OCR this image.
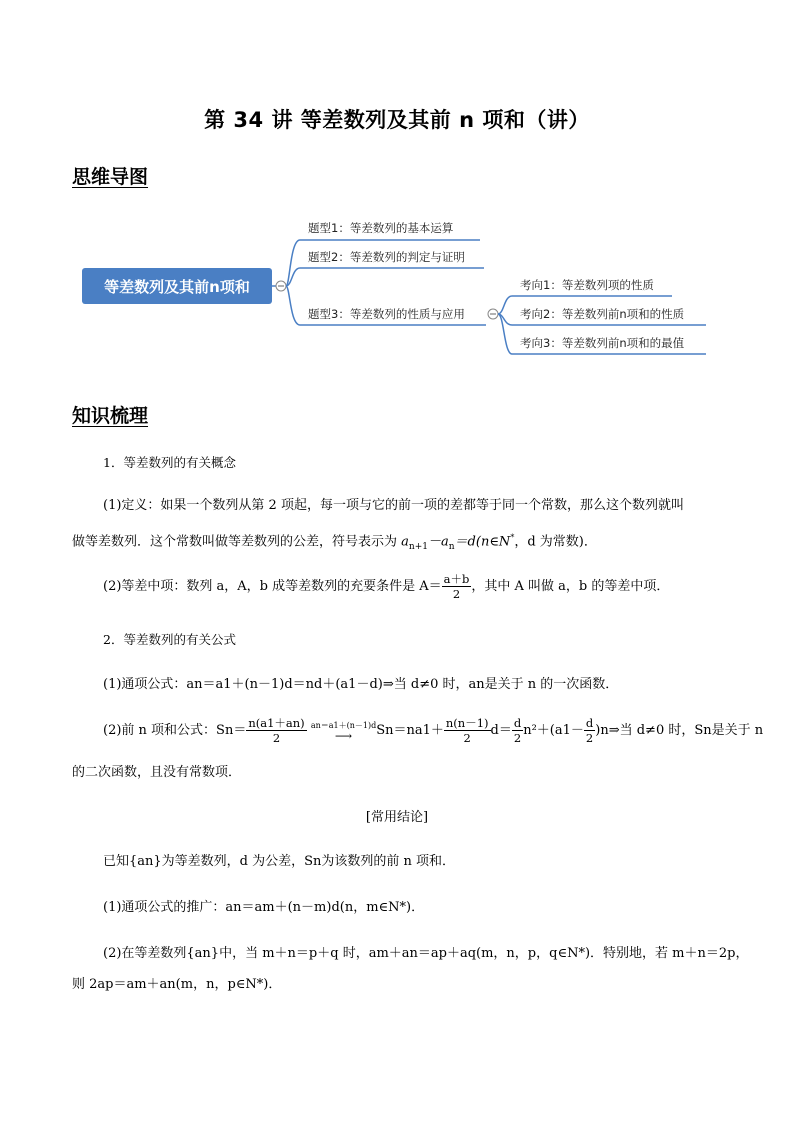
第 34 讲 等差数列及其前 n 项和（讲）
思维导图
等差数列及其前n项和
题型1：等差数列的基本运算
题型2：等差数列的判定与证明
题型3：等差数列的性质与应用
考向1：等差数列项的性质
考向2：等差数列前n项和的性质
考向3：等差数列前n项和的最值
知识梳理
1．等差数列的有关概念
(1)定义：如果一个数列从第 2 项起，每一项与它的前一项的差都等于同一个常数，那么这个数列就叫
做等差数列．这个常数叫做等差数列的公差，符号表示为 $a_{n+1}-a_n=d(n\in N^*$，d 为常数)．
(2)等差中项：数列 a，A，b 成等差数列的充要条件是 $A= \frac{a+b}{2}$ ，其中 A 叫做 a，b 的等差中项．
2．等差数列的有关公式
(1)通项公式：an＝a1＋(n－1)d＝nd＋(a1－d)⇒当 d≠0 时，an是关于 n 的一次函数．
(2)前 n 项和公式：$Sn= \frac{n(a1+an)}{2}$
an＝a1＋(n－1)d
⟶	$Sn=na1+ \frac{n(n-1)}{2} d= \frac{d}{2} n^2+(a1- \frac{d}{2}$ )n⇒当 d≠0 时，Sn是关于 n
的二次函数，且没有常数项．
[常用结论]
已知{an}为等差数列，d 为公差，Sn为该数列的前 n 项和．
(1)通项公式的推广：an＝am＋(n－m)d(n，m∈N*)．
(2)在等差数列{an}中，当 m＋n＝p＋q 时，am＋an＝ap＋aq(m，n，p，q∈N*)．特别地，若 m＋n＝2p，
则 2ap＝am＋an(m，n，p∈N*)．
